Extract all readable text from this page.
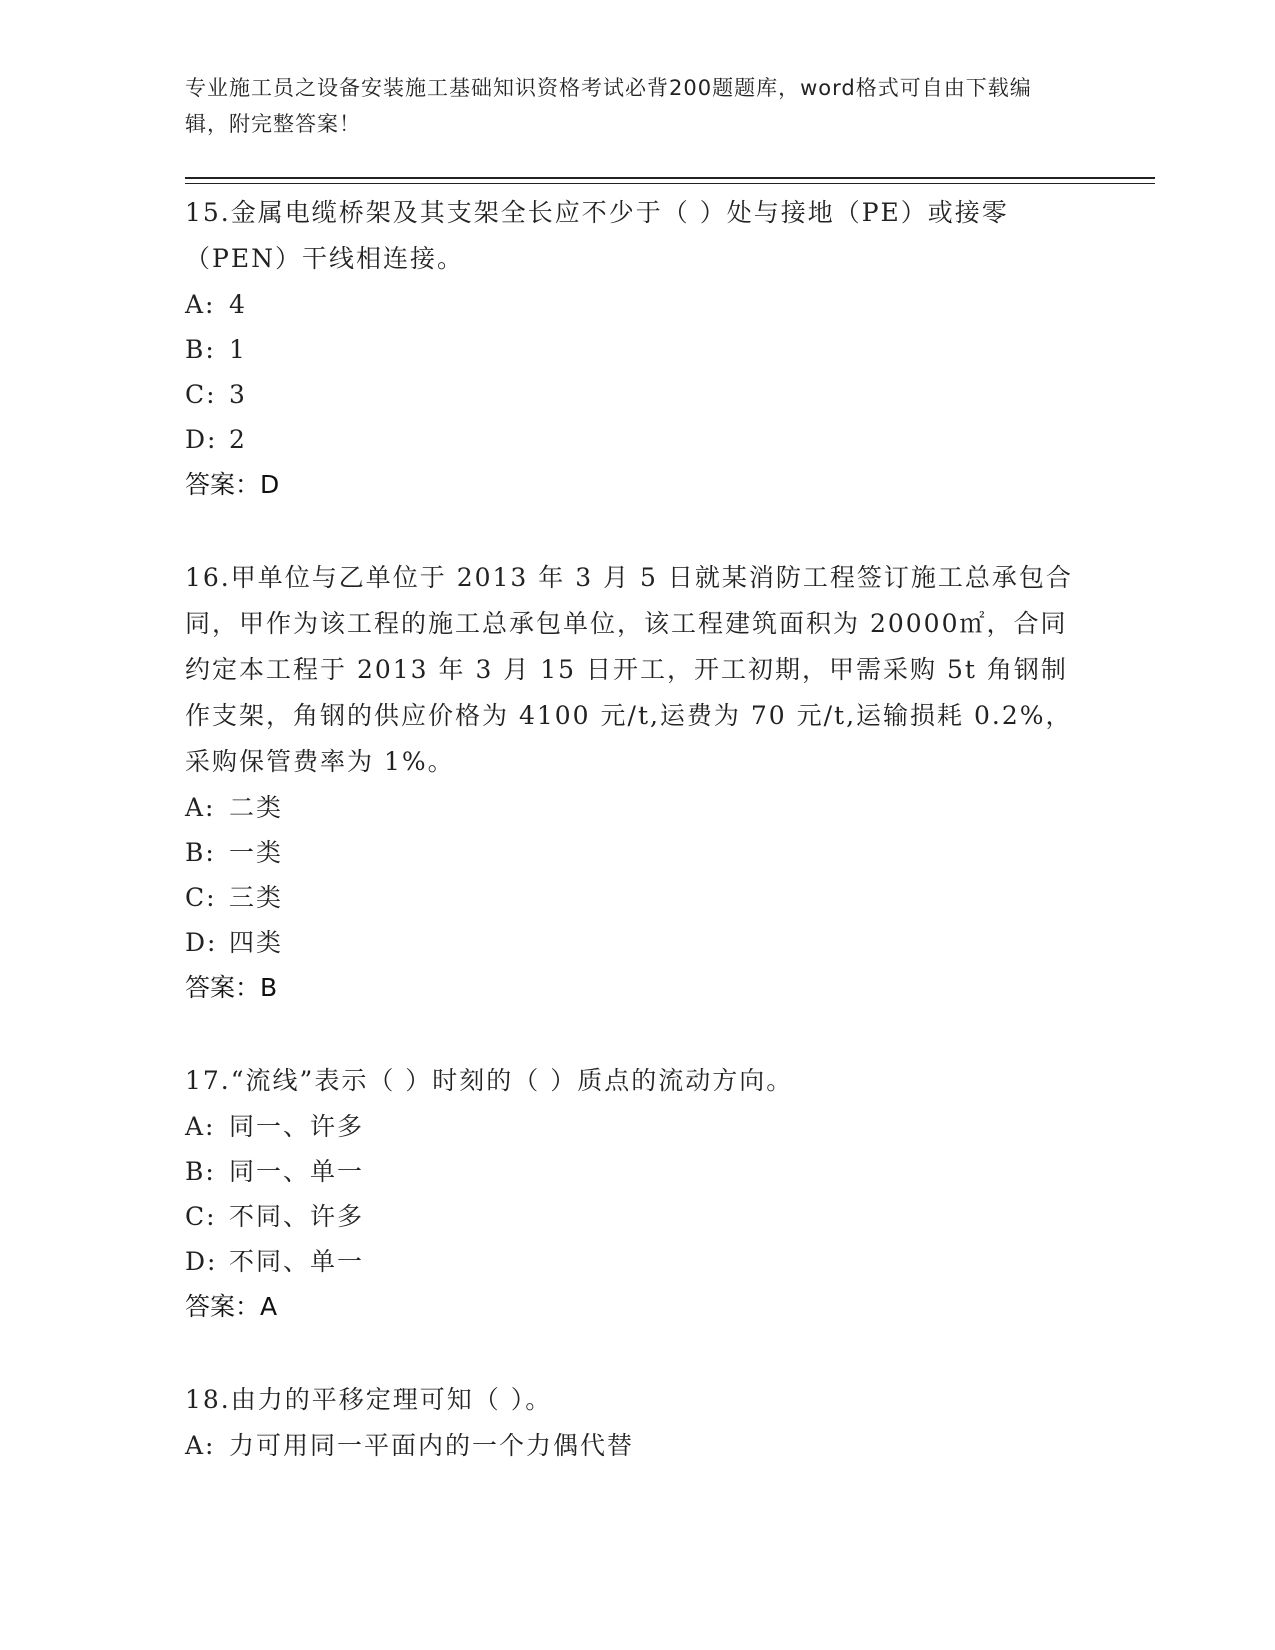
专业施工员之设备安装施工基础知识资格考试必背200题题库，word格式可自由下载编辑，附完整答案！
15.金属电缆桥架及其支架全长应不少于（ ）处与接地（PE）或接零（PEN）干线相连接。
A: 4
B: 1
C: 3
D: 2
答案：D
16.甲单位与乙单位于 2013 年 3 月 5 日就某消防工程签订施工总承包合同，甲作为该工程的施工总承包单位，该工程建筑面积为 20000㎡，合同约定本工程于 2013 年 3 月 15 日开工，开工初期，甲需采购 5t 角钢制作支架，角钢的供应价格为 4100 元/t,运费为 70 元/t,运输损耗 0.2%，采购保管费率为 1%。
A: 二类
B: 一类
C: 三类
D: 四类
答案：B
17.“流线”表示（ ）时刻的（ ）质点的流动方向。
A: 同一、许多
B: 同一、单一
C: 不同、许多
D: 不同、单一
答案：A
18.由力的平移定理可知（ ）。
A: 力可用同一平面内的一个力偶代替
